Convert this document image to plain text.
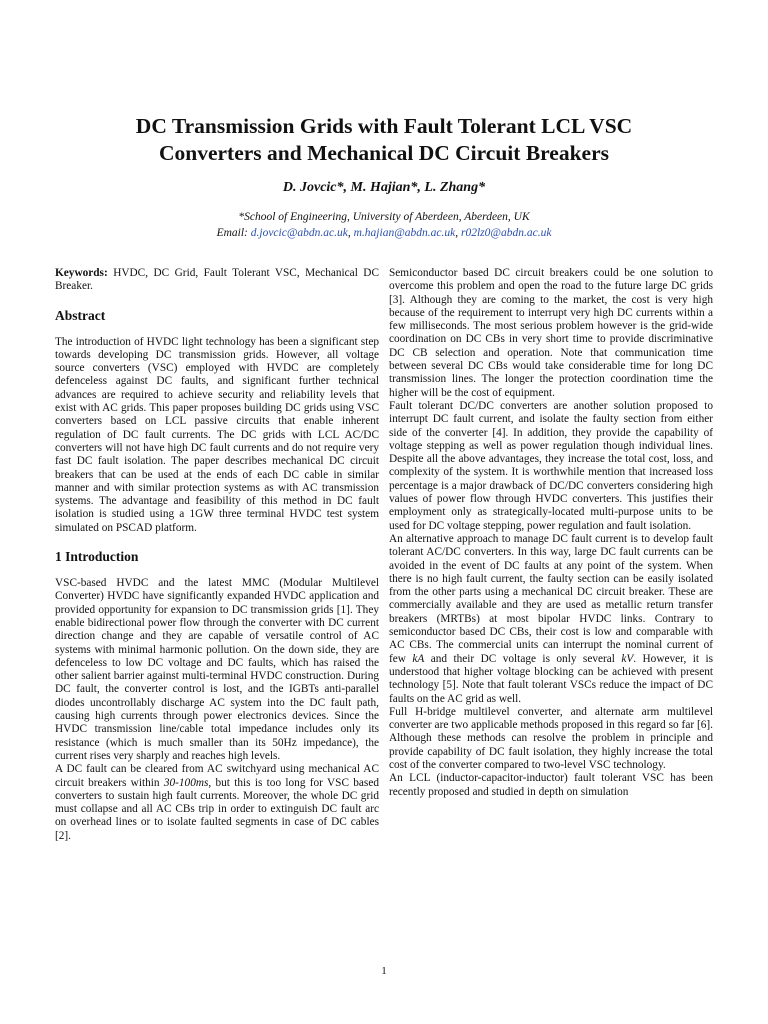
DC Transmission Grids with Fault Tolerant LCL VSC
Converters and Mechanical DC Circuit Breakers
D. Jovcic*, M. Hajian*, L. Zhang*
*School of Engineering, University of Aberdeen, Aberdeen, UK
Email: d.jovcic@abdn.ac.uk, m.hajian@abdn.ac.uk, r02lz0@abdn.ac.uk

Keywords: HVDC, DC Grid, Fault Tolerant VSC, Mechanical DC Breaker.

Abstract

The introduction of HVDC light technology has been a significant step towards developing DC transmission grids. However, all voltage source converters (VSC) employed with HVDC are completely defenceless against DC faults, and significant further technical advances are required to achieve security and reliability levels that exist with AC grids. This paper proposes building DC grids using VSC converters based on LCL passive circuits that enable inherent regulation of DC fault currents. The DC grids with LCL AC/DC converters will not have high DC fault currents and do not require very fast DC fault isolation. The paper describes mechanical DC circuit breakers that can be used at the ends of each DC cable in similar manner and with similar protection systems as with AC transmission systems. The advantage and feasibility of this method in DC fault isolation is studied using a 1GW three terminal HVDC test system simulated on PSCAD platform.

1 Introduction

VSC-based HVDC and the latest MMC (Modular Multilevel Converter) HVDC have significantly expanded HVDC application and provided opportunity for expansion to DC transmission grids [1]. They enable bidirectional power flow through the converter with DC current direction change and they are capable of versatile control of AC systems with minimal harmonic pollution. On the down side, they are defenceless to low DC voltage and DC faults, which has raised the other salient barrier against multi-terminal HVDC construction. During DC fault, the converter control is lost, and the IGBTs anti-parallel diodes uncontrollably discharge AC system into the DC fault path, causing high currents through power electronics devices. Since the HVDC transmission line/cable total impedance includes only its resistance (which is much smaller than its 50Hz impedance), the current rises very sharply and reaches high levels.

A DC fault can be cleared from AC switchyard using mechanical AC circuit breakers within 30-100ms, but this is too long for VSC based converters to sustain high fault currents. Moreover, the whole DC grid must collapse and all AC CBs trip in order to extinguish DC fault arc on overhead lines or to isolate faulted segments in case of DC cables [2].

Semiconductor based DC circuit breakers could be one solution to overcome this problem and open the road to the future large DC grids [3]. Although they are coming to the market, the cost is very high because of the requirement to interrupt very high DC currents within a few milliseconds. The most serious problem however is the grid-wide coordination on DC CBs in very short time to provide discriminative DC CB selection and operation. Note that communication time between several DC CBs would take considerable time for long DC transmission lines. The longer the protection coordination time the higher will be the cost of equipment.

Fault tolerant DC/DC converters are another solution proposed to interrupt DC fault current, and isolate the faulty section from either side of the converter [4]. In addition, they provide the capability of voltage stepping as well as power regulation though individual lines. Despite all the above advantages, they increase the total cost, loss, and complexity of the system. It is worthwhile mention that increased loss percentage is a major drawback of DC/DC converters considering high values of power flow through HVDC converters. This justifies their employment only as strategically-located multi-purpose units to be used for DC voltage stepping, power regulation and fault isolation.

An alternative approach to manage DC fault current is to develop fault tolerant AC/DC converters. In this way, large DC fault currents can be avoided in the event of DC faults at any point of the system. When there is no high fault current, the faulty section can be easily isolated from the other parts using a mechanical DC circuit breaker. These are commercially available and they are used as metallic return transfer breakers (MRTBs) at most bipolar HVDC links. Contrary to semiconductor based DC CBs, their cost is low and comparable with AC CBs. The commercial units can interrupt the nominal current of few kA and their DC voltage is only several kV. However, it is understood that higher voltage blocking can be achieved with present technology [5]. Note that fault tolerant VSCs reduce the impact of DC faults on the AC grid as well.

Full H-bridge multilevel converter, and alternate arm multilevel converter are two applicable methods proposed in this regard so far [6]. Although these methods can resolve the problem in principle and provide capability of DC fault isolation, they highly increase the total cost of the converter compared to two-level VSC technology.

An LCL (inductor-capacitor-inductor) fault tolerant VSC has been recently proposed and studied in depth on simulation

1
